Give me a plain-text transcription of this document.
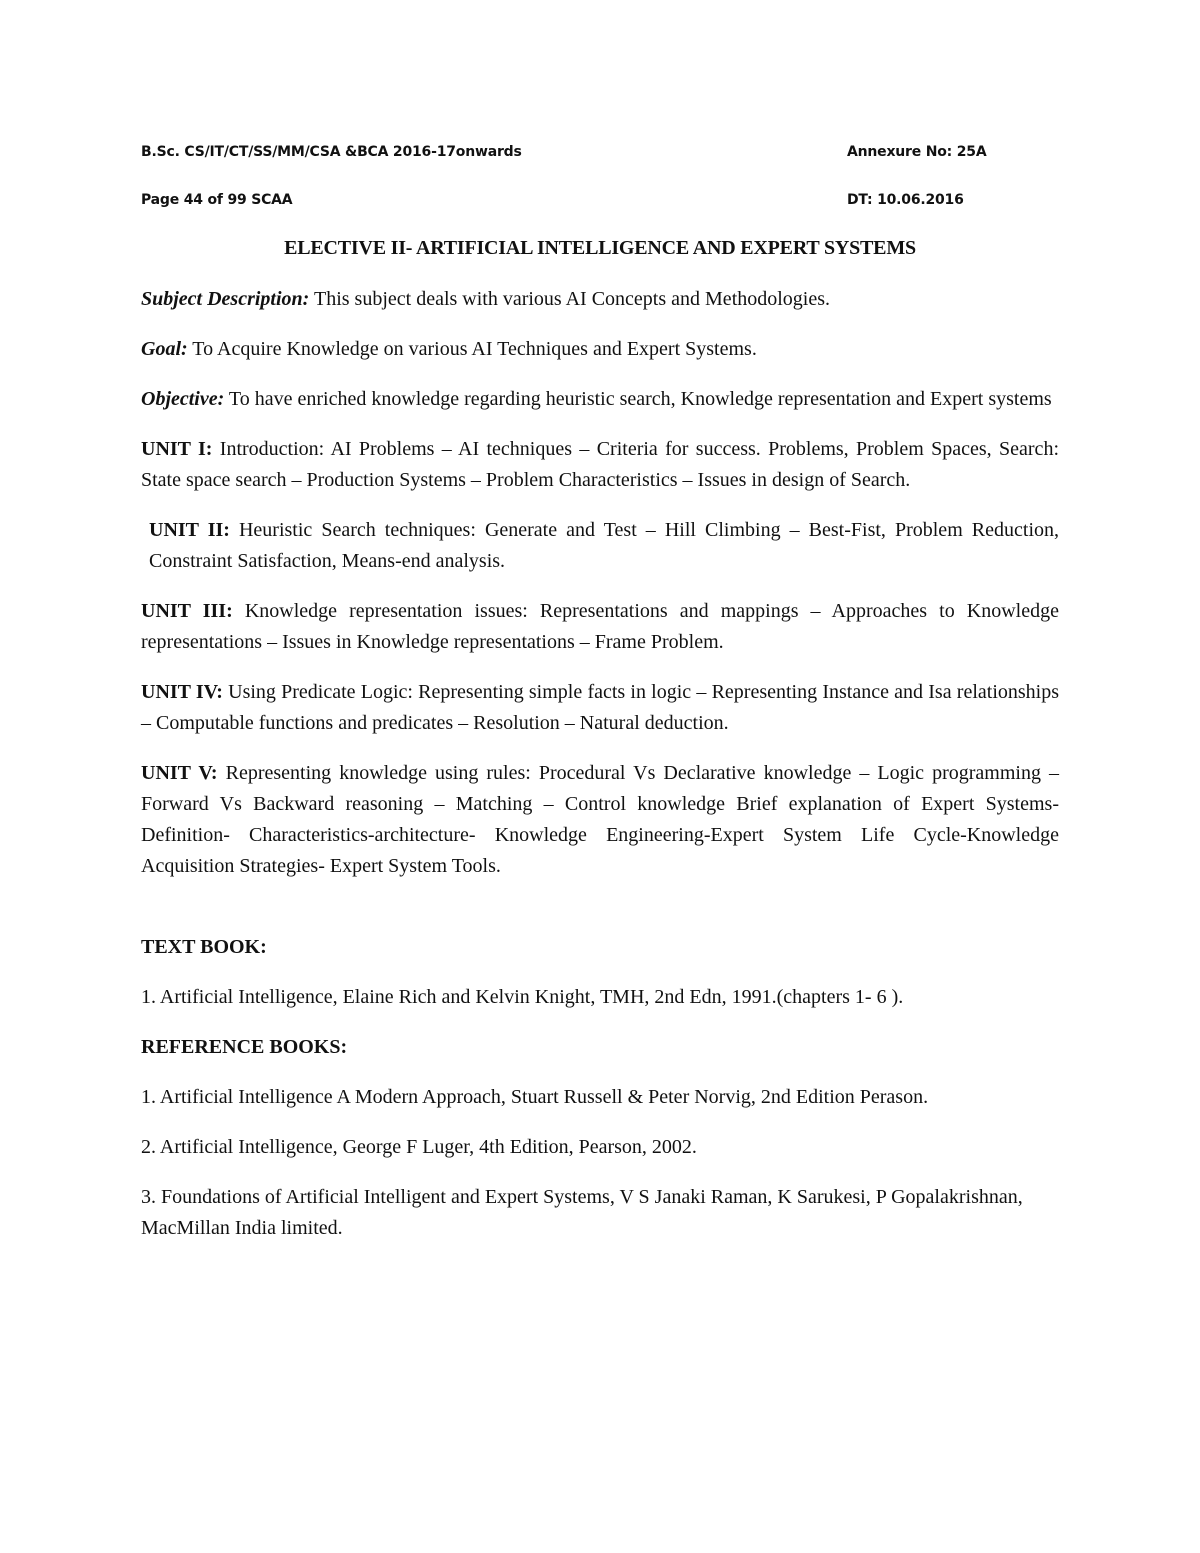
B.Sc. CS/IT/CT/SS/MM/CSA &BCA 2016-17onwards	Annexure No: 25A
Page 44 of 99 SCAA	DT: 10.06.2016
ELECTIVE II- ARTIFICIAL INTELLIGENCE AND EXPERT SYSTEMS

Subject Description: This subject deals with various AI Concepts and Methodologies.

Goal: To Acquire Knowledge on various AI Techniques and Expert Systems.

Objective: To have enriched knowledge regarding heuristic search, Knowledge representation and Expert systems

UNIT I: Introduction: AI Problems – AI techniques – Criteria for success. Problems, Problem Spaces, Search: State space search – Production Systems – Problem Characteristics – Issues in design of Search.

UNIT II: Heuristic Search techniques: Generate and Test – Hill Climbing – Best-Fist, Problem Reduction, Constraint Satisfaction, Means-end analysis.

UNIT III: Knowledge representation issues: Representations and mappings – Approaches to Knowledge representations – Issues in Knowledge representations – Frame Problem.

UNIT IV: Using Predicate Logic: Representing simple facts in logic – Representing Instance and Isa relationships – Computable functions and predicates – Resolution – Natural deduction.

UNIT V: Representing knowledge using rules: Procedural Vs Declarative knowledge – Logic programming – Forward Vs Backward reasoning – Matching – Control knowledge Brief explanation of Expert Systems-Definition- Characteristics-architecture- Knowledge Engineering-Expert System Life Cycle-Knowledge Acquisition Strategies- Expert System Tools.

TEXT BOOK:

1. Artificial Intelligence, Elaine Rich and Kelvin Knight, TMH, 2nd Edn, 1991.(chapters 1- 6 ).

REFERENCE BOOKS:

1. Artificial Intelligence A Modern Approach, Stuart Russell & Peter Norvig, 2nd Edition Perason.

2. Artificial Intelligence, George F Luger, 4th Edition, Pearson, 2002.

3. Foundations of Artificial Intelligent and Expert Systems, V S Janaki Raman, K Sarukesi, P Gopalakrishnan, MacMillan India limited.
